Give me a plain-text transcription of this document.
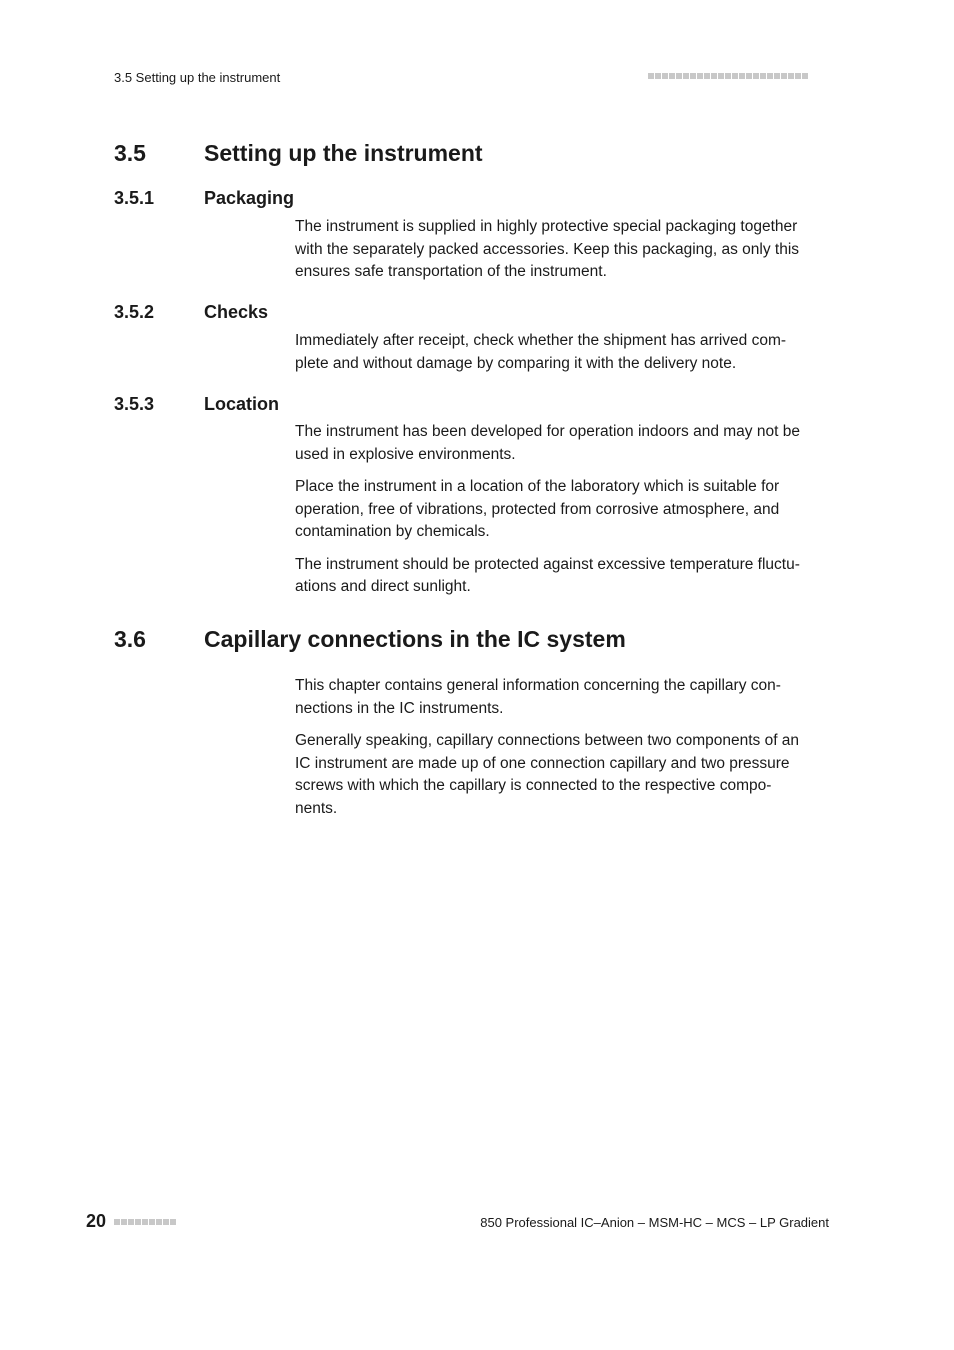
3.5 Setting up the instrument
3.5	Setting up the instrument
3.5.1	Packaging

The instrument is supplied in highly protective special packaging together
with the separately packed accessories. Keep this packaging, as only this
ensures safe transportation of the instrument.

3.5.2	Checks

Immediately after receipt, check whether the shipment has arrived com-
plete and without damage by comparing it with the delivery note.

3.5.3	Location

The instrument has been developed for operation indoors and may not be
used in explosive environments.

Place the instrument in a location of the laboratory which is suitable for
operation, free of vibrations, protected from corrosive atmosphere, and
contamination by chemicals.

The instrument should be protected against excessive temperature fluctu-
ations and direct sunlight.

3.6	Capillary connections in the IC system

This chapter contains general information concerning the capillary con-
nections in the IC instruments.

Generally speaking, capillary connections between two components of an
IC instrument are made up of one connection capillary and two pressure
screws with which the capillary is connected to the respective compo-
nents.

20	850 Professional IC–Anion – MSM-HC – MCS – LP Gradient
